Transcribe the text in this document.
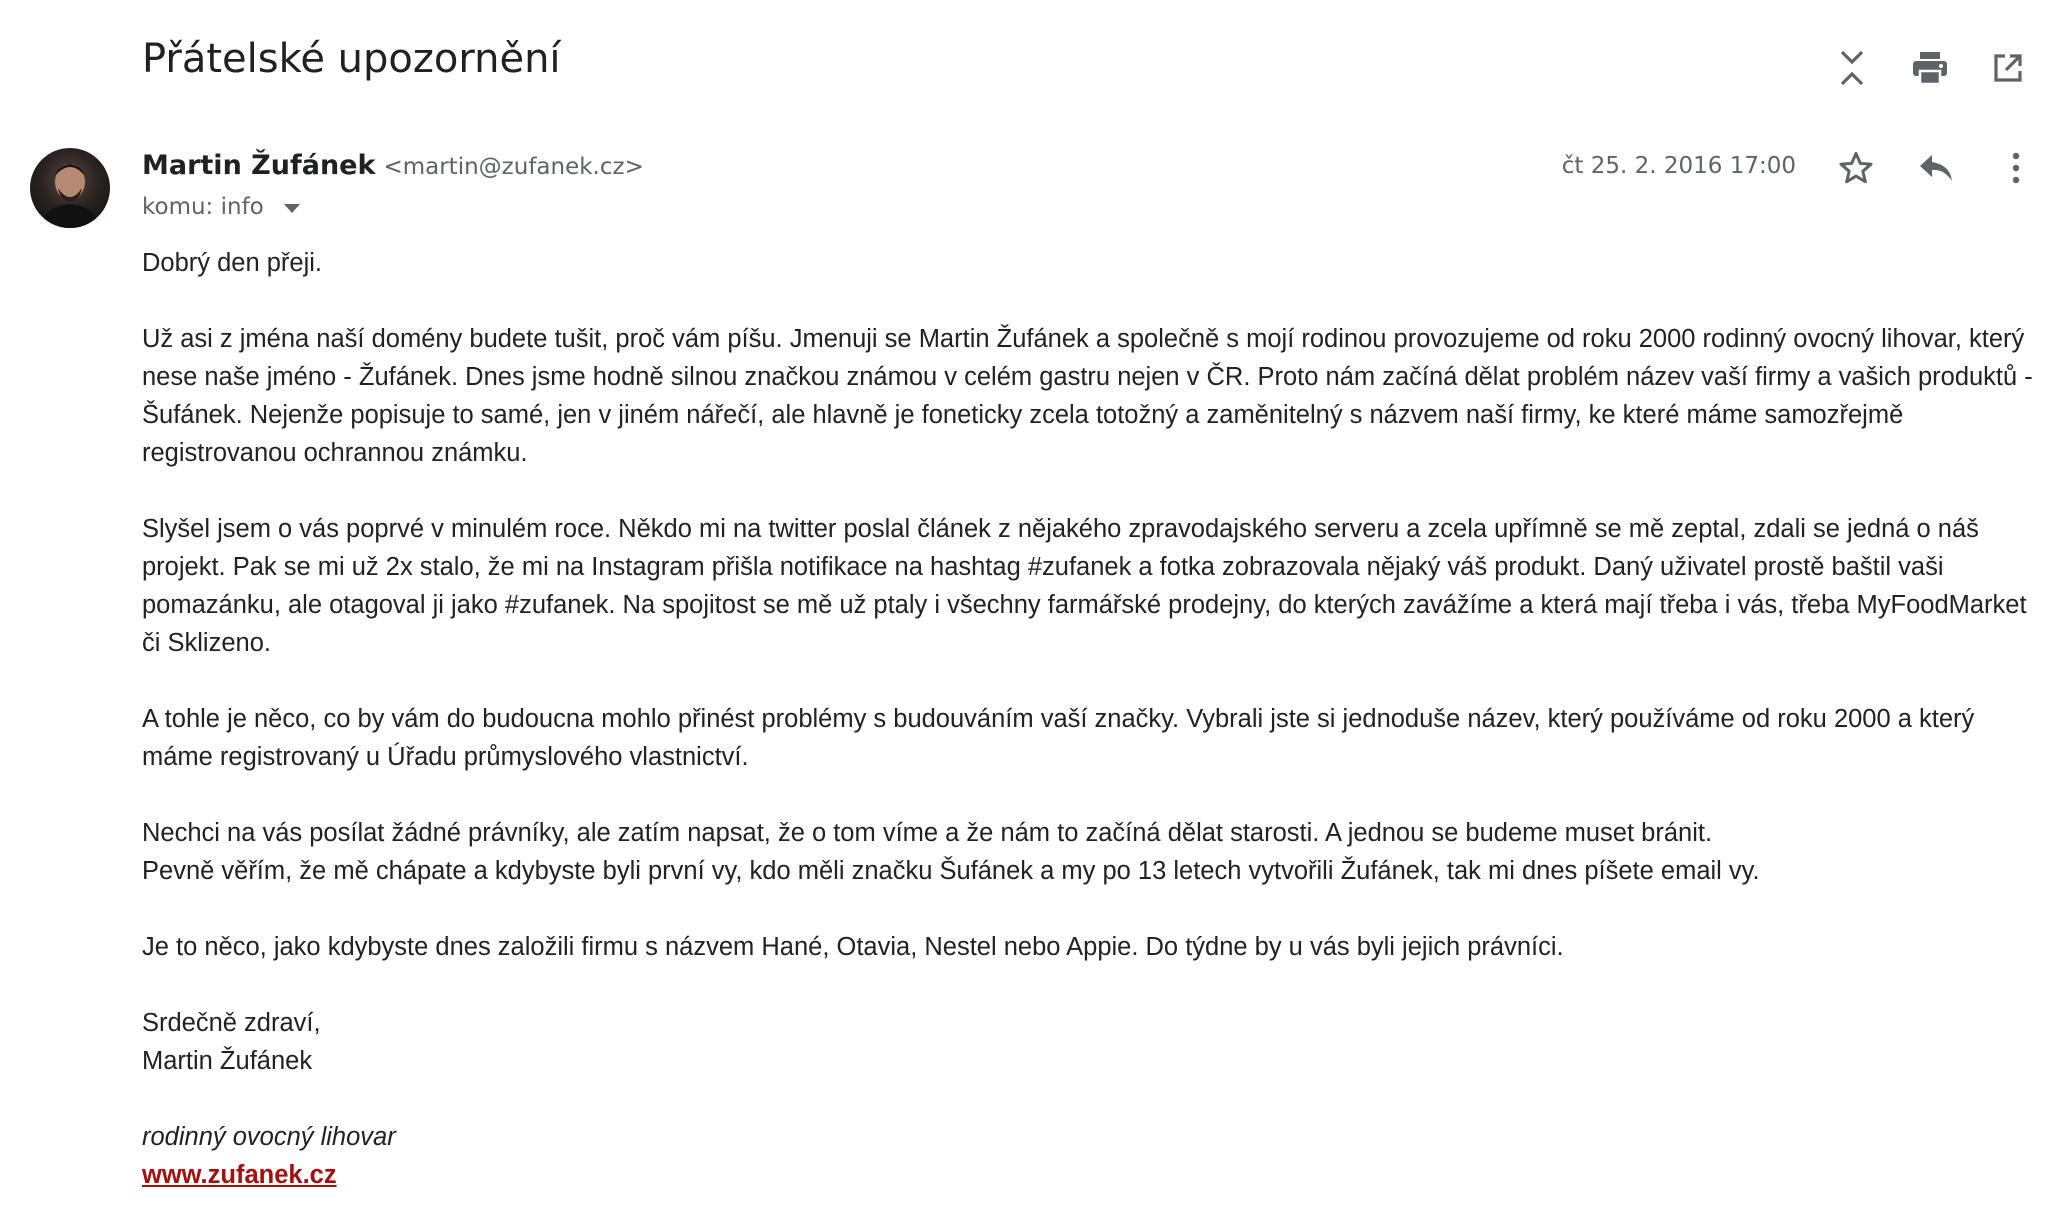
Přátelské upozornění
Martin Žufánek <martin@zufanek.cz>
komu: info
čt 25. 2. 2016 17:00

Dobrý den přeji.

Už asi z jména naší domény budete tušit, proč vám píšu. Jmenuji se Martin Žufánek a společně s mojí rodinou provozujeme od roku 2000 rodinný ovocný lihovar, který nese naše jméno - Žufánek. Dnes jsme hodně silnou značkou známou v celém gastru nejen v ČR. Proto nám začíná dělat problém název vaší firmy a vašich produktů - Šufánek. Nejenže popisuje to samé, jen v jiném nářečí, ale hlavně je foneticky zcela totožný a zaměnitelný s názvem naší firmy, ke které máme samozřejmě registrovanou ochrannou známku.

Slyšel jsem o vás poprvé v minulém roce. Někdo mi na twitter poslal článek z nějakého zpravodajského serveru a zcela upřímně se mě zeptal, zdali se jedná o náš projekt. Pak se mi už 2x stalo, že mi na Instagram přišla notifikace na hashtag #zufanek a fotka zobrazovala nějaký váš produkt. Daný uživatel prostě baštil vaši pomazánku, ale otagoval ji jako #zufanek. Na spojitost se mě už ptaly i všechny farmářské prodejny, do kterých zavážíme a která mají třeba i vás, třeba MyFoodMarket či Sklizeno.

A tohle je něco, co by vám do budoucna mohlo přinést problémy s budouváním vaší značky. Vybrali jste si jednoduše název, který používáme od roku 2000 a který máme registrovaný u Úřadu průmyslového vlastnictví.

Nechci na vás posílat žádné právníky, ale zatím napsat, že o tom víme a že nám to začíná dělat starosti. A jednou se budeme muset bránit.

Pevně věřím, že mě chápate a kdybyste byli první vy, kdo měli značku Šufánek a my po 13 letech vytvořili Žufánek, tak mi dnes píšete email vy.

Je to něco, jako kdybyste dnes založili firmu s názvem Hané, Otavia, Nestel nebo Appie. Do týdne by u vás byli jejich právníci.

Srdečně zdraví,

Martin Žufánek

rodinný ovocný lihovar

www.zufanek.cz
